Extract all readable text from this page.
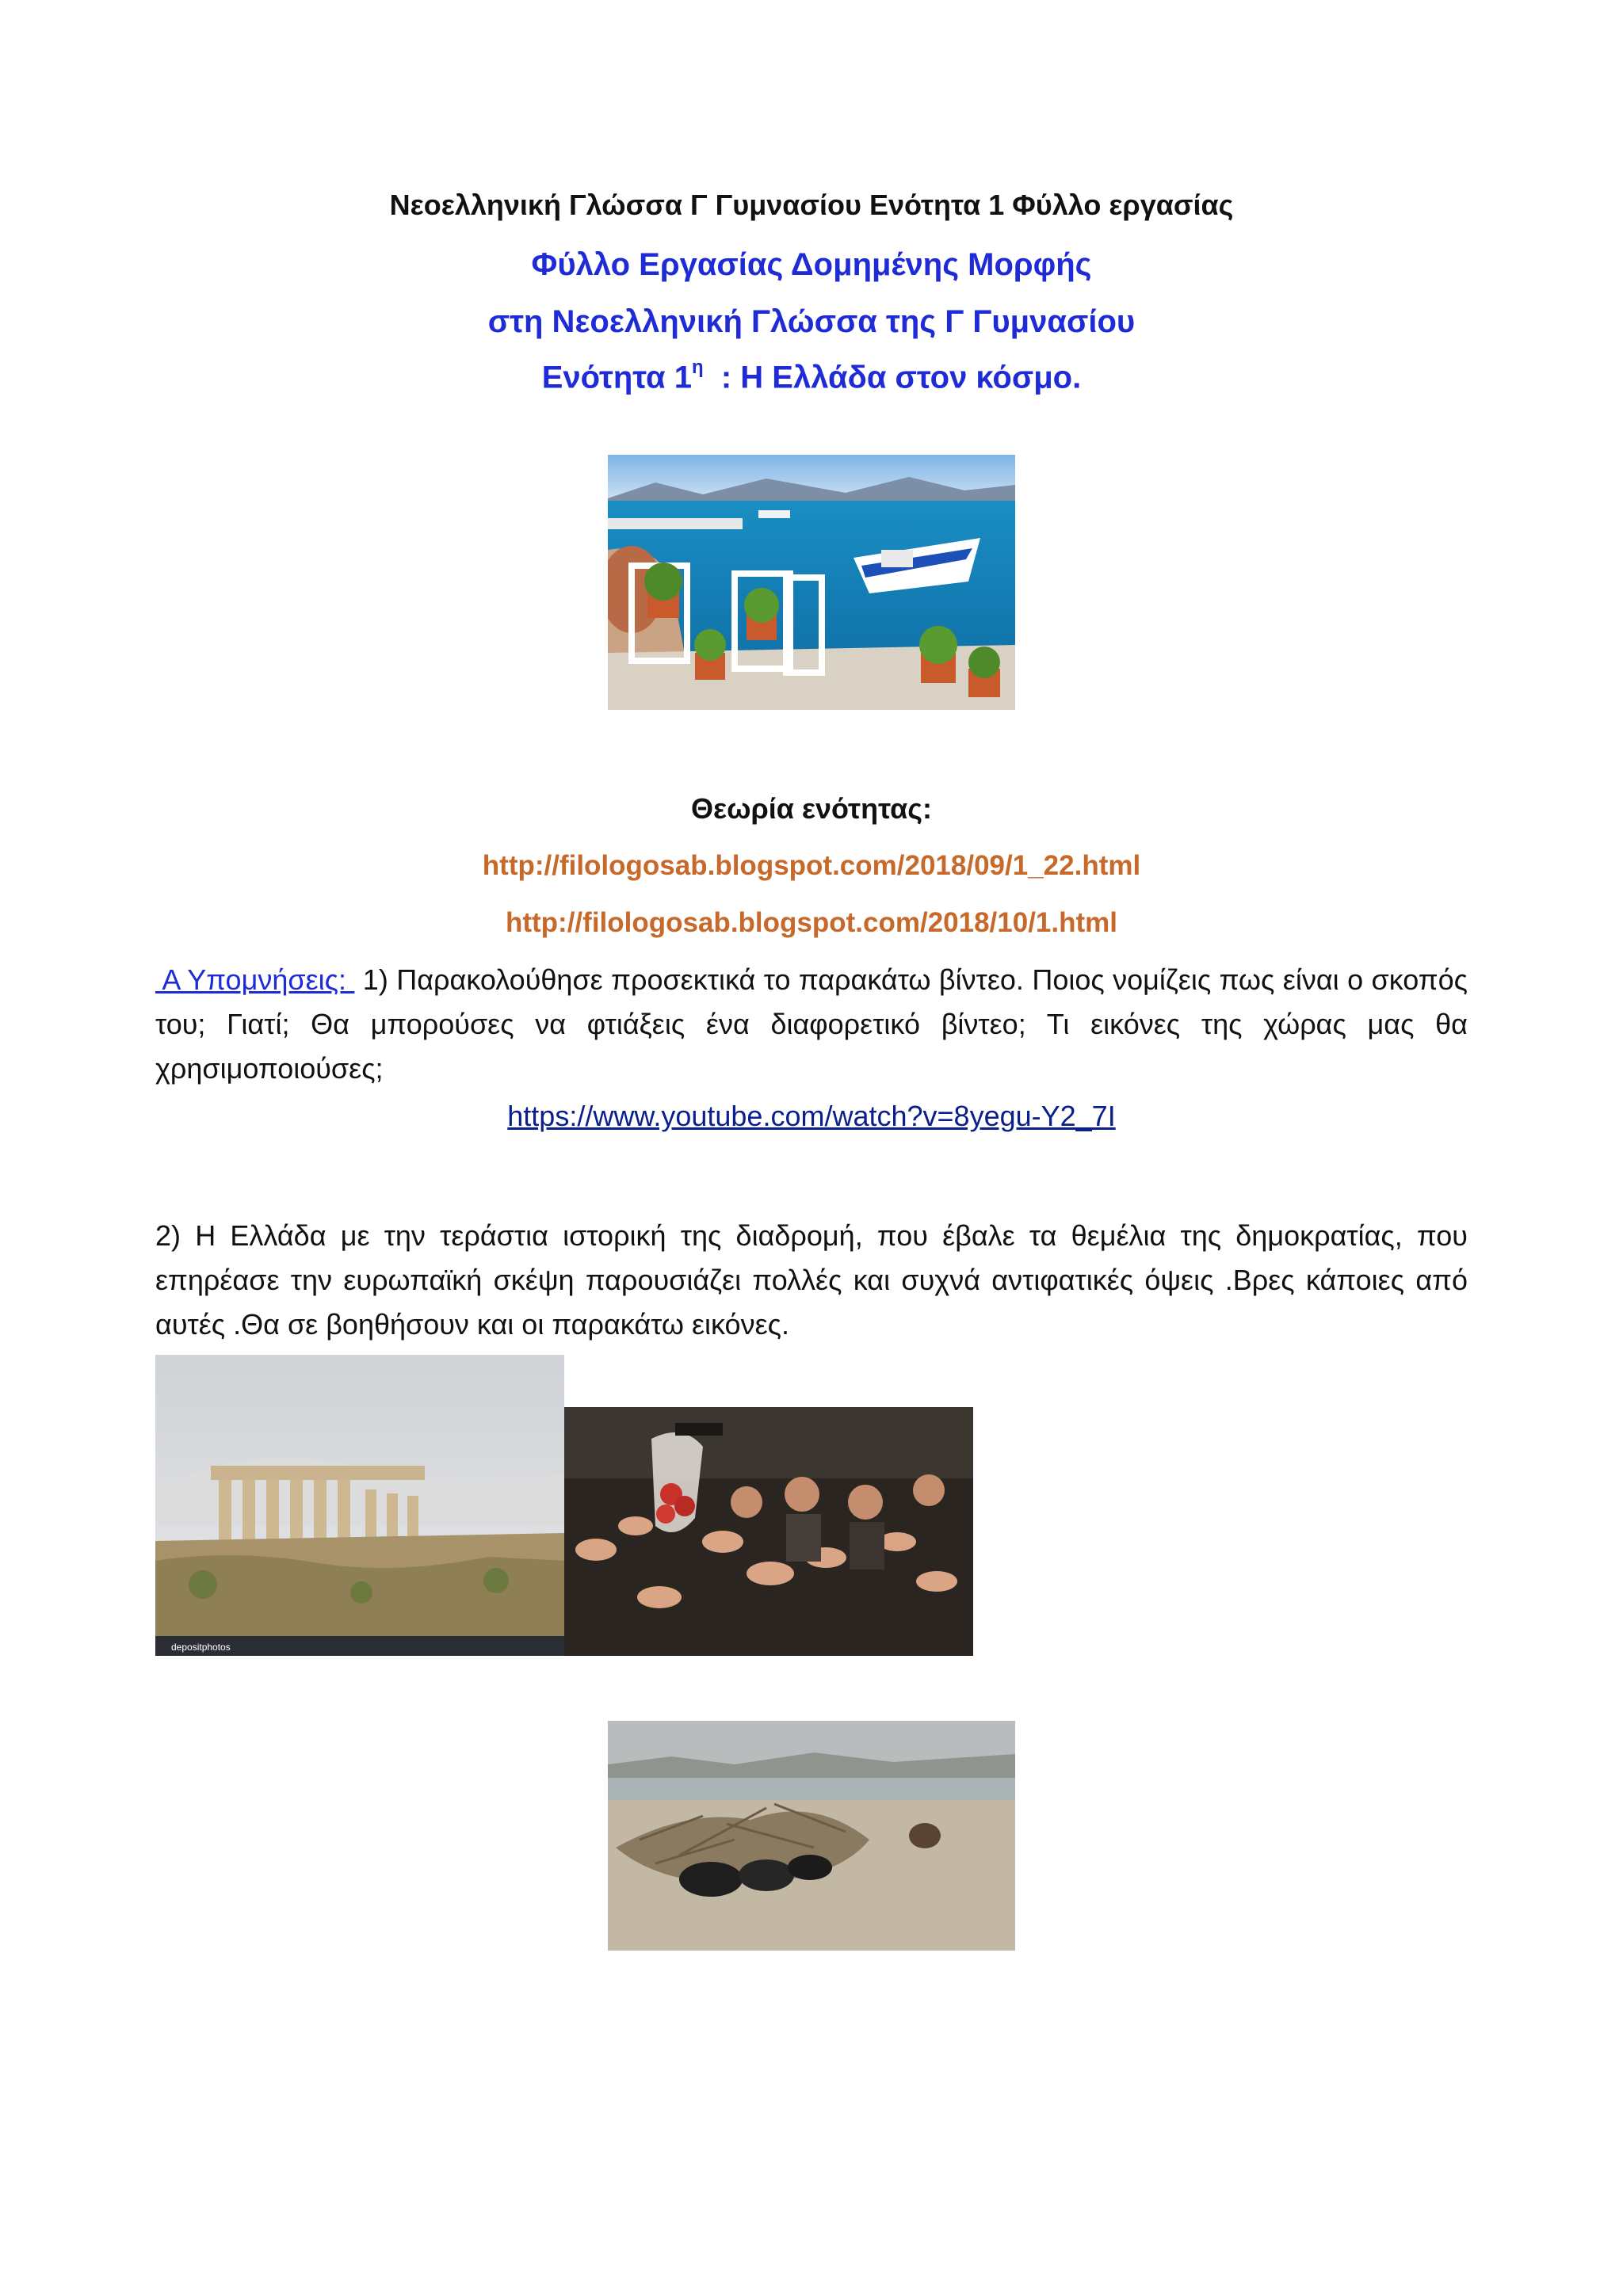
Νεοελληνική Γλώσσα Γ Γυμνασίου Ενότητα 1 Φύλλο εργασίας
Φύλλο Εργασίας Δομημένης Μορφής
στη Νεοελληνική Γλώσσα της Γ Γυμνασίου
Ενότητα $1^\eta$  : Η Ελλάδα στον κόσμο.
Θεωρία ενότητας:
http://filologosab.blogspot.com/2018/09/1_22.html
http://filologosab.blogspot.com/2018/10/1.html
Α Υπομνήσεις:  1) Παρακολούθησε προσεκτικά το παρακάτω βίντεο. Ποιος νομίζεις πως είναι ο σκοπός του; Γιατί; Θα μπορούσες να φτιάξεις ένα διαφορετικό βίντεο; Τι εικόνες της χώρας μας θα χρησιμοποιούσες;
https://www.youtube.com/watch?v=8yegu-Y2_7I
2) Η Ελλάδα με την τεράστια ιστορική της διαδρομή, που έβαλε τα θεμέλια της δημοκρατίας, που επηρέασε την ευρωπαϊκή σκέψη παρουσιάζει πολλές και συχνά αντιφατικές όψεις .Βρες κάποιες από αυτές .Θα σε βοηθήσουν και οι παρακάτω εικόνες.
depositphotos
